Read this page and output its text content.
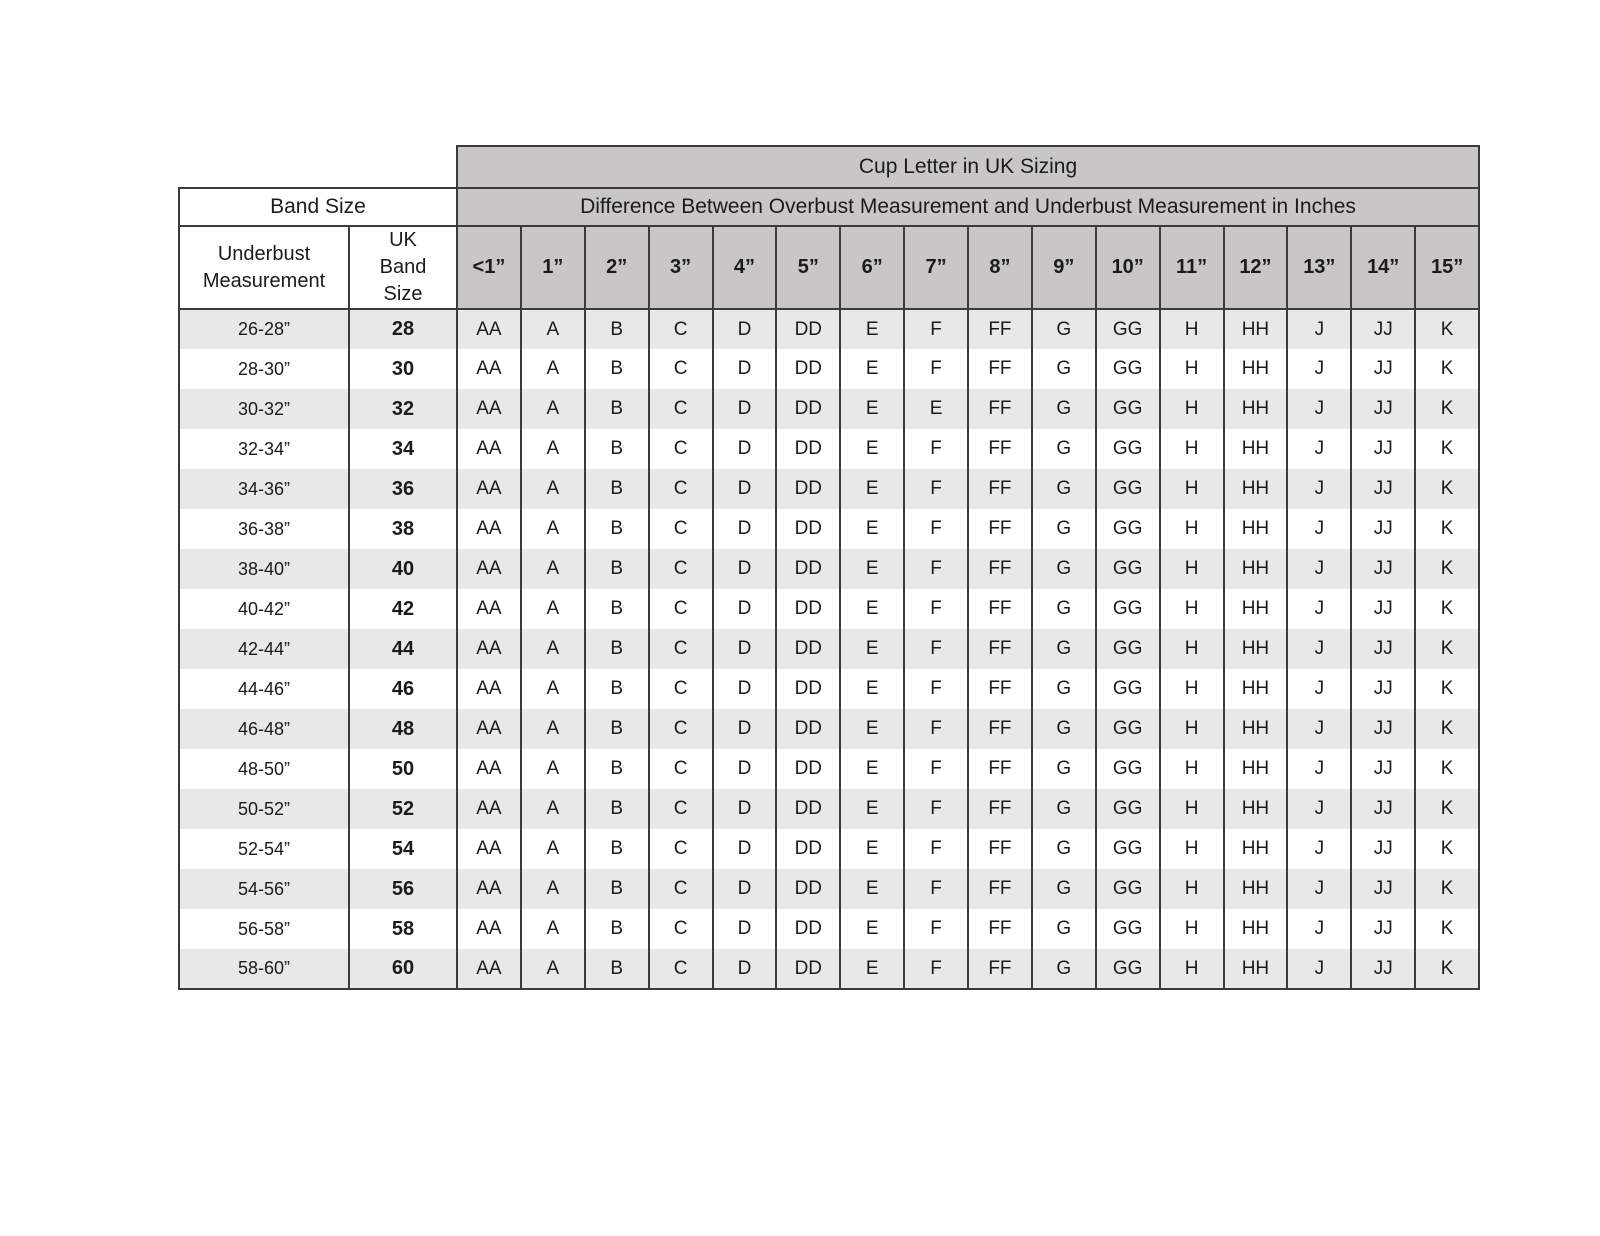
		Cup Letter in UK Sizing															
Band Size		Difference Between Overbust Measurement and Underbust Measurement in Inches															
Underbust Measurement	UK Band Size	<1”	1”	2”	3”	4”	5”	6”	7”	8”	9”	10”	11”	12”	13”	14”	15”
26-28”	28	AA	A	B	C	D	DD	E	F	FF	G	GG	H	HH	J	JJ	K
28-30”	30	AA	A	B	C	D	DD	E	F	FF	G	GG	H	HH	J	JJ	K
30-32”	32	AA	A	B	C	D	DD	E	E	FF	G	GG	H	HH	J	JJ	K
32-34”	34	AA	A	B	C	D	DD	E	F	FF	G	GG	H	HH	J	JJ	K
34-36”	36	AA	A	B	C	D	DD	E	F	FF	G	GG	H	HH	J	JJ	K
36-38”	38	AA	A	B	C	D	DD	E	F	FF	G	GG	H	HH	J	JJ	K
38-40”	40	AA	A	B	C	D	DD	E	F	FF	G	GG	H	HH	J	JJ	K
40-42”	42	AA	A	B	C	D	DD	E	F	FF	G	GG	H	HH	J	JJ	K
42-44”	44	AA	A	B	C	D	DD	E	F	FF	G	GG	H	HH	J	JJ	K
44-46”	46	AA	A	B	C	D	DD	E	F	FF	G	GG	H	HH	J	JJ	K
46-48”	48	AA	A	B	C	D	DD	E	F	FF	G	GG	H	HH	J	JJ	K
48-50”	50	AA	A	B	C	D	DD	E	F	FF	G	GG	H	HH	J	JJ	K
50-52”	52	AA	A	B	C	D	DD	E	F	FF	G	GG	H	HH	J	JJ	K
52-54”	54	AA	A	B	C	D	DD	E	F	FF	G	GG	H	HH	J	JJ	K
54-56”	56	AA	A	B	C	D	DD	E	F	FF	G	GG	H	HH	J	JJ	K
56-58”	58	AA	A	B	C	D	DD	E	F	FF	G	GG	H	HH	J	JJ	K
58-60”	60	AA	A	B	C	D	DD	E	F	FF	G	GG	H	HH	J	JJ	K
